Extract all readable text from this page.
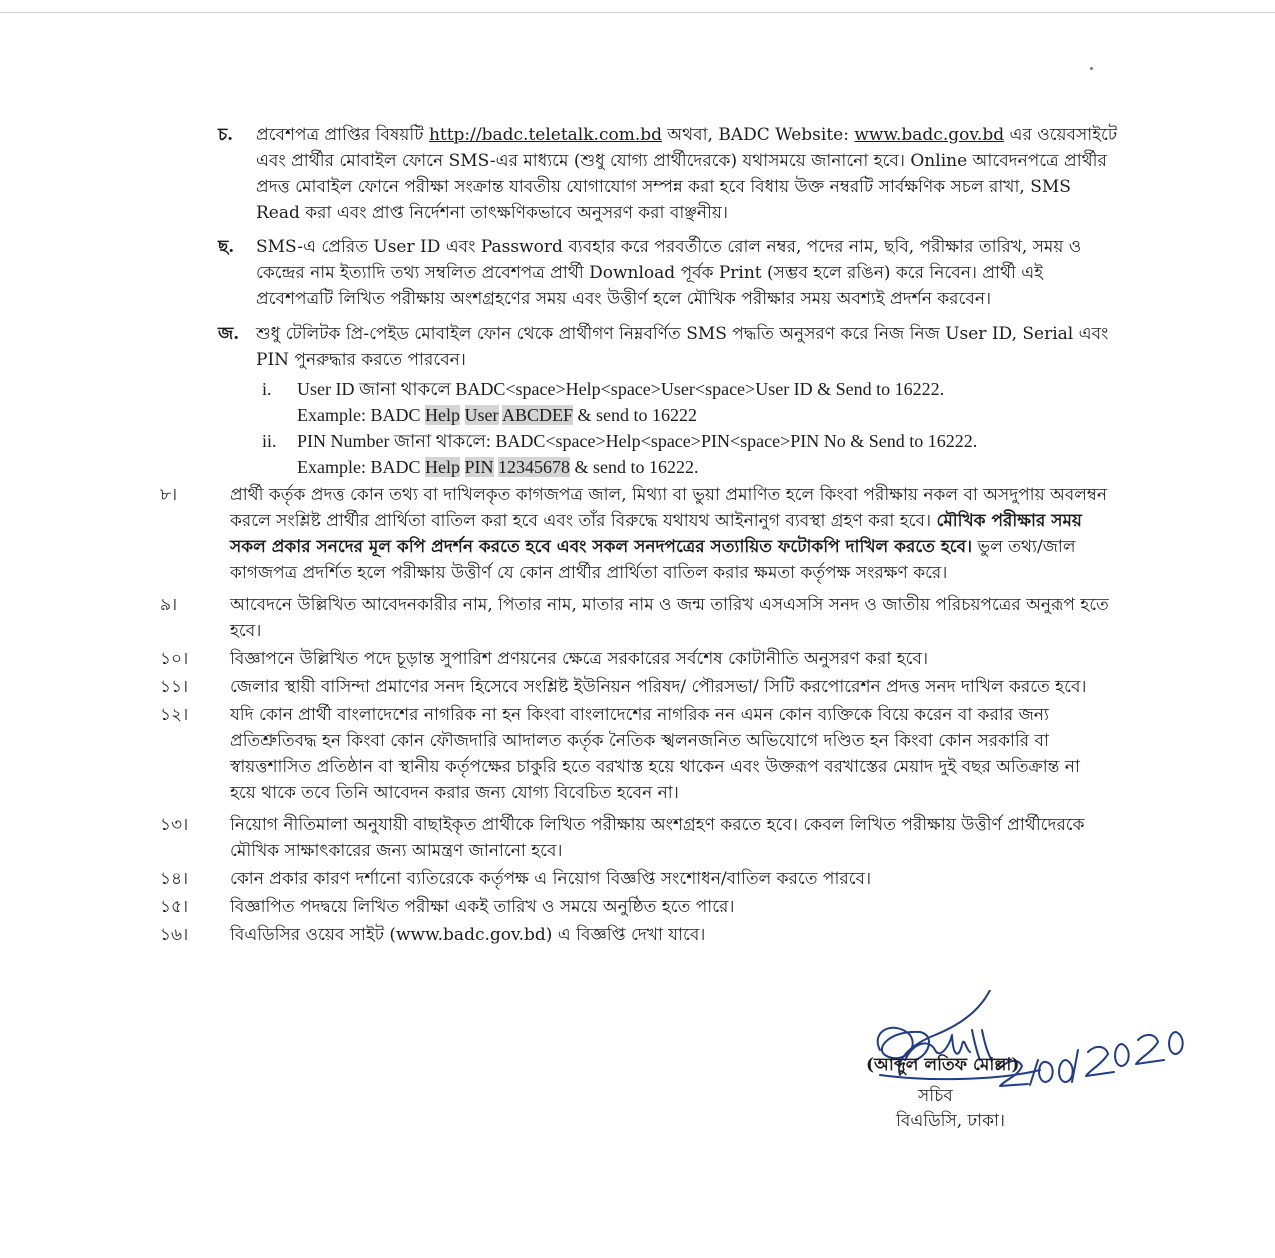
চ. প্রবেশপত্র প্রাপ্তির বিষয়টি http://badc.teletalk.com.bd অথবা, BADC Website: www.badc.gov.bd এর ওয়েবসাইটে
এবং প্রার্থীর মোবাইল ফোনে SMS-এর মাধ্যমে (শুধু যোগ্য প্রার্থীদেরকে) যথাসময়ে জানানো হবে। Online আবেদনপত্রে প্রার্থীর
প্রদত্ত মোবাইল ফোনে পরীক্ষা সংক্রান্ত যাবতীয় যোগাযোগ সম্পন্ন করা হবে বিধায় উক্ত নম্বরটি সার্বক্ষণিক সচল রাখা, SMS
Read করা এবং প্রাপ্ত নির্দেশনা তাৎক্ষণিকভাবে অনুসরণ করা বাঞ্ছনীয়।
ছ. SMS-এ প্রেরিত User ID এবং Password ব্যবহার করে পরবর্তীতে রোল নম্বর, পদের নাম, ছবি, পরীক্ষার তারিখ, সময় ও
কেন্দ্রের নাম ইত্যাদি তথ্য সম্বলিত প্রবেশপত্র প্রার্থী Download পূর্বক Print (সম্ভব হলে রঙিন) করে নিবেন। প্রার্থী এই
প্রবেশপত্রটি লিখিত পরীক্ষায় অংশগ্রহণের সময় এবং উত্তীর্ণ হলে মৌখিক পরীক্ষার সময় অবশ্যই প্রদর্শন করবেন।
জ. শুধু টেলিটক প্রি-পেইড মোবাইল ফোন থেকে প্রার্থীগণ নিম্নবর্ণিত SMS পদ্ধতি অনুসরণ করে নিজ নিজ User ID, Serial এবং
PIN পুনরুদ্ধার করতে পারবেন।
i. User ID জানা থাকলে BADC<space>Help<space>User<space>User ID & Send to 16222.
Example: BADC Help User ABCDEF & send to 16222
ii. PIN Number জানা থাকলে: BADC<space>Help<space>PIN<space>PIN No & Send to 16222.
Example: BADC Help PIN 12345678 & send to 16222.
৮।	প্রার্থী কর্তৃক প্রদত্ত কোন তথ্য বা দাখিলকৃত কাগজপত্র জাল, মিথ্যা বা ভুয়া প্রমাণিত হলে কিংবা পরীক্ষায় নকল বা অসদুপায় অবলম্বন
করলে সংশ্লিষ্ট প্রার্থীর প্রার্থিতা বাতিল করা হবে এবং তাঁর বিরুদ্ধে যথাযথ আইনানুগ ব্যবস্থা গ্রহণ করা হবে। মৌখিক পরীক্ষার সময়
সকল প্রকার সনদের মূল কপি প্রদর্শন করতে হবে এবং সকল সনদপত্রের সত্যায়িত ফটোকপি দাখিল করতে হবে। ভুল তথ্য/জাল
কাগজপত্র প্রদর্শিত হলে পরীক্ষায় উত্তীর্ণ যে কোন প্রার্থীর প্রার্থিতা বাতিল করার ক্ষমতা কর্তৃপক্ষ সংরক্ষণ করে।
৯।	আবেদনে উল্লিখিত আবেদনকারীর নাম, পিতার নাম, মাতার নাম ও জন্ম তারিখ এসএসসি সনদ ও জাতীয় পরিচয়পত্রের অনুরূপ হতে
হবে।
১০। বিজ্ঞাপনে উল্লিখিত পদে চূড়ান্ত সুপারিশ প্রণয়নের ক্ষেত্রে সরকারের সর্বশেষ কোটানীতি অনুসরণ করা হবে।
১১। জেলার স্থায়ী বাসিন্দা প্রমাণের সনদ হিসেবে সংশ্লিষ্ট ইউনিয়ন পরিষদ/ পৌরসভা/ সিটি করপোরেশন প্রদত্ত সনদ দাখিল করতে হবে।
১২। যদি কোন প্রার্থী বাংলাদেশের নাগরিক না হন কিংবা বাংলাদেশের নাগরিক নন এমন কোন ব্যক্তিকে বিয়ে করেন বা করার জন্য
প্রতিশ্রুতিবদ্ধ হন কিংবা কোন ফৌজদারি আদালত কর্তৃক নৈতিক স্খলনজনিত অভিযোগে দণ্ডিত হন কিংবা কোন সরকারি বা
স্বায়ত্তশাসিত প্রতিষ্ঠান বা স্থানীয় কর্তৃপক্ষের চাকুরি হতে বরখাস্ত হয়ে থাকেন এবং উক্তরূপ বরখাস্তের মেয়াদ দুই বছর অতিক্রান্ত না
হয়ে থাকে তবে তিনি আবেদন করার জন্য যোগ্য বিবেচিত হবেন না।
১৩। নিয়োগ নীতিমালা অনুযায়ী বাছাইকৃত প্রার্থীকে লিখিত পরীক্ষায় অংশগ্রহণ করতে হবে। কেবল লিখিত পরীক্ষায় উত্তীর্ণ প্রার্থীদেরকে
মৌখিক সাক্ষাৎকারের জন্য আমন্ত্রণ জানানো হবে।
১৪। কোন প্রকার কারণ দর্শানো ব্যতিরেকে কর্তৃপক্ষ এ নিয়োগ বিজ্ঞপ্তি সংশোধন/বাতিল করতে পারবে।
১৫। বিজ্ঞাপিত পদদ্বয়ে লিখিত পরীক্ষা একই তারিখ ও সময়ে অনুষ্ঠিত হতে পারে।
১৬। বিএডিসির ওয়েব সাইট (www.badc.gov.bd) এ বিজ্ঞপ্তি দেখা যাবে।
(আব্দুল লতিফ মোল্লা)
সচিব
বিএডিসি, ঢাকা।
